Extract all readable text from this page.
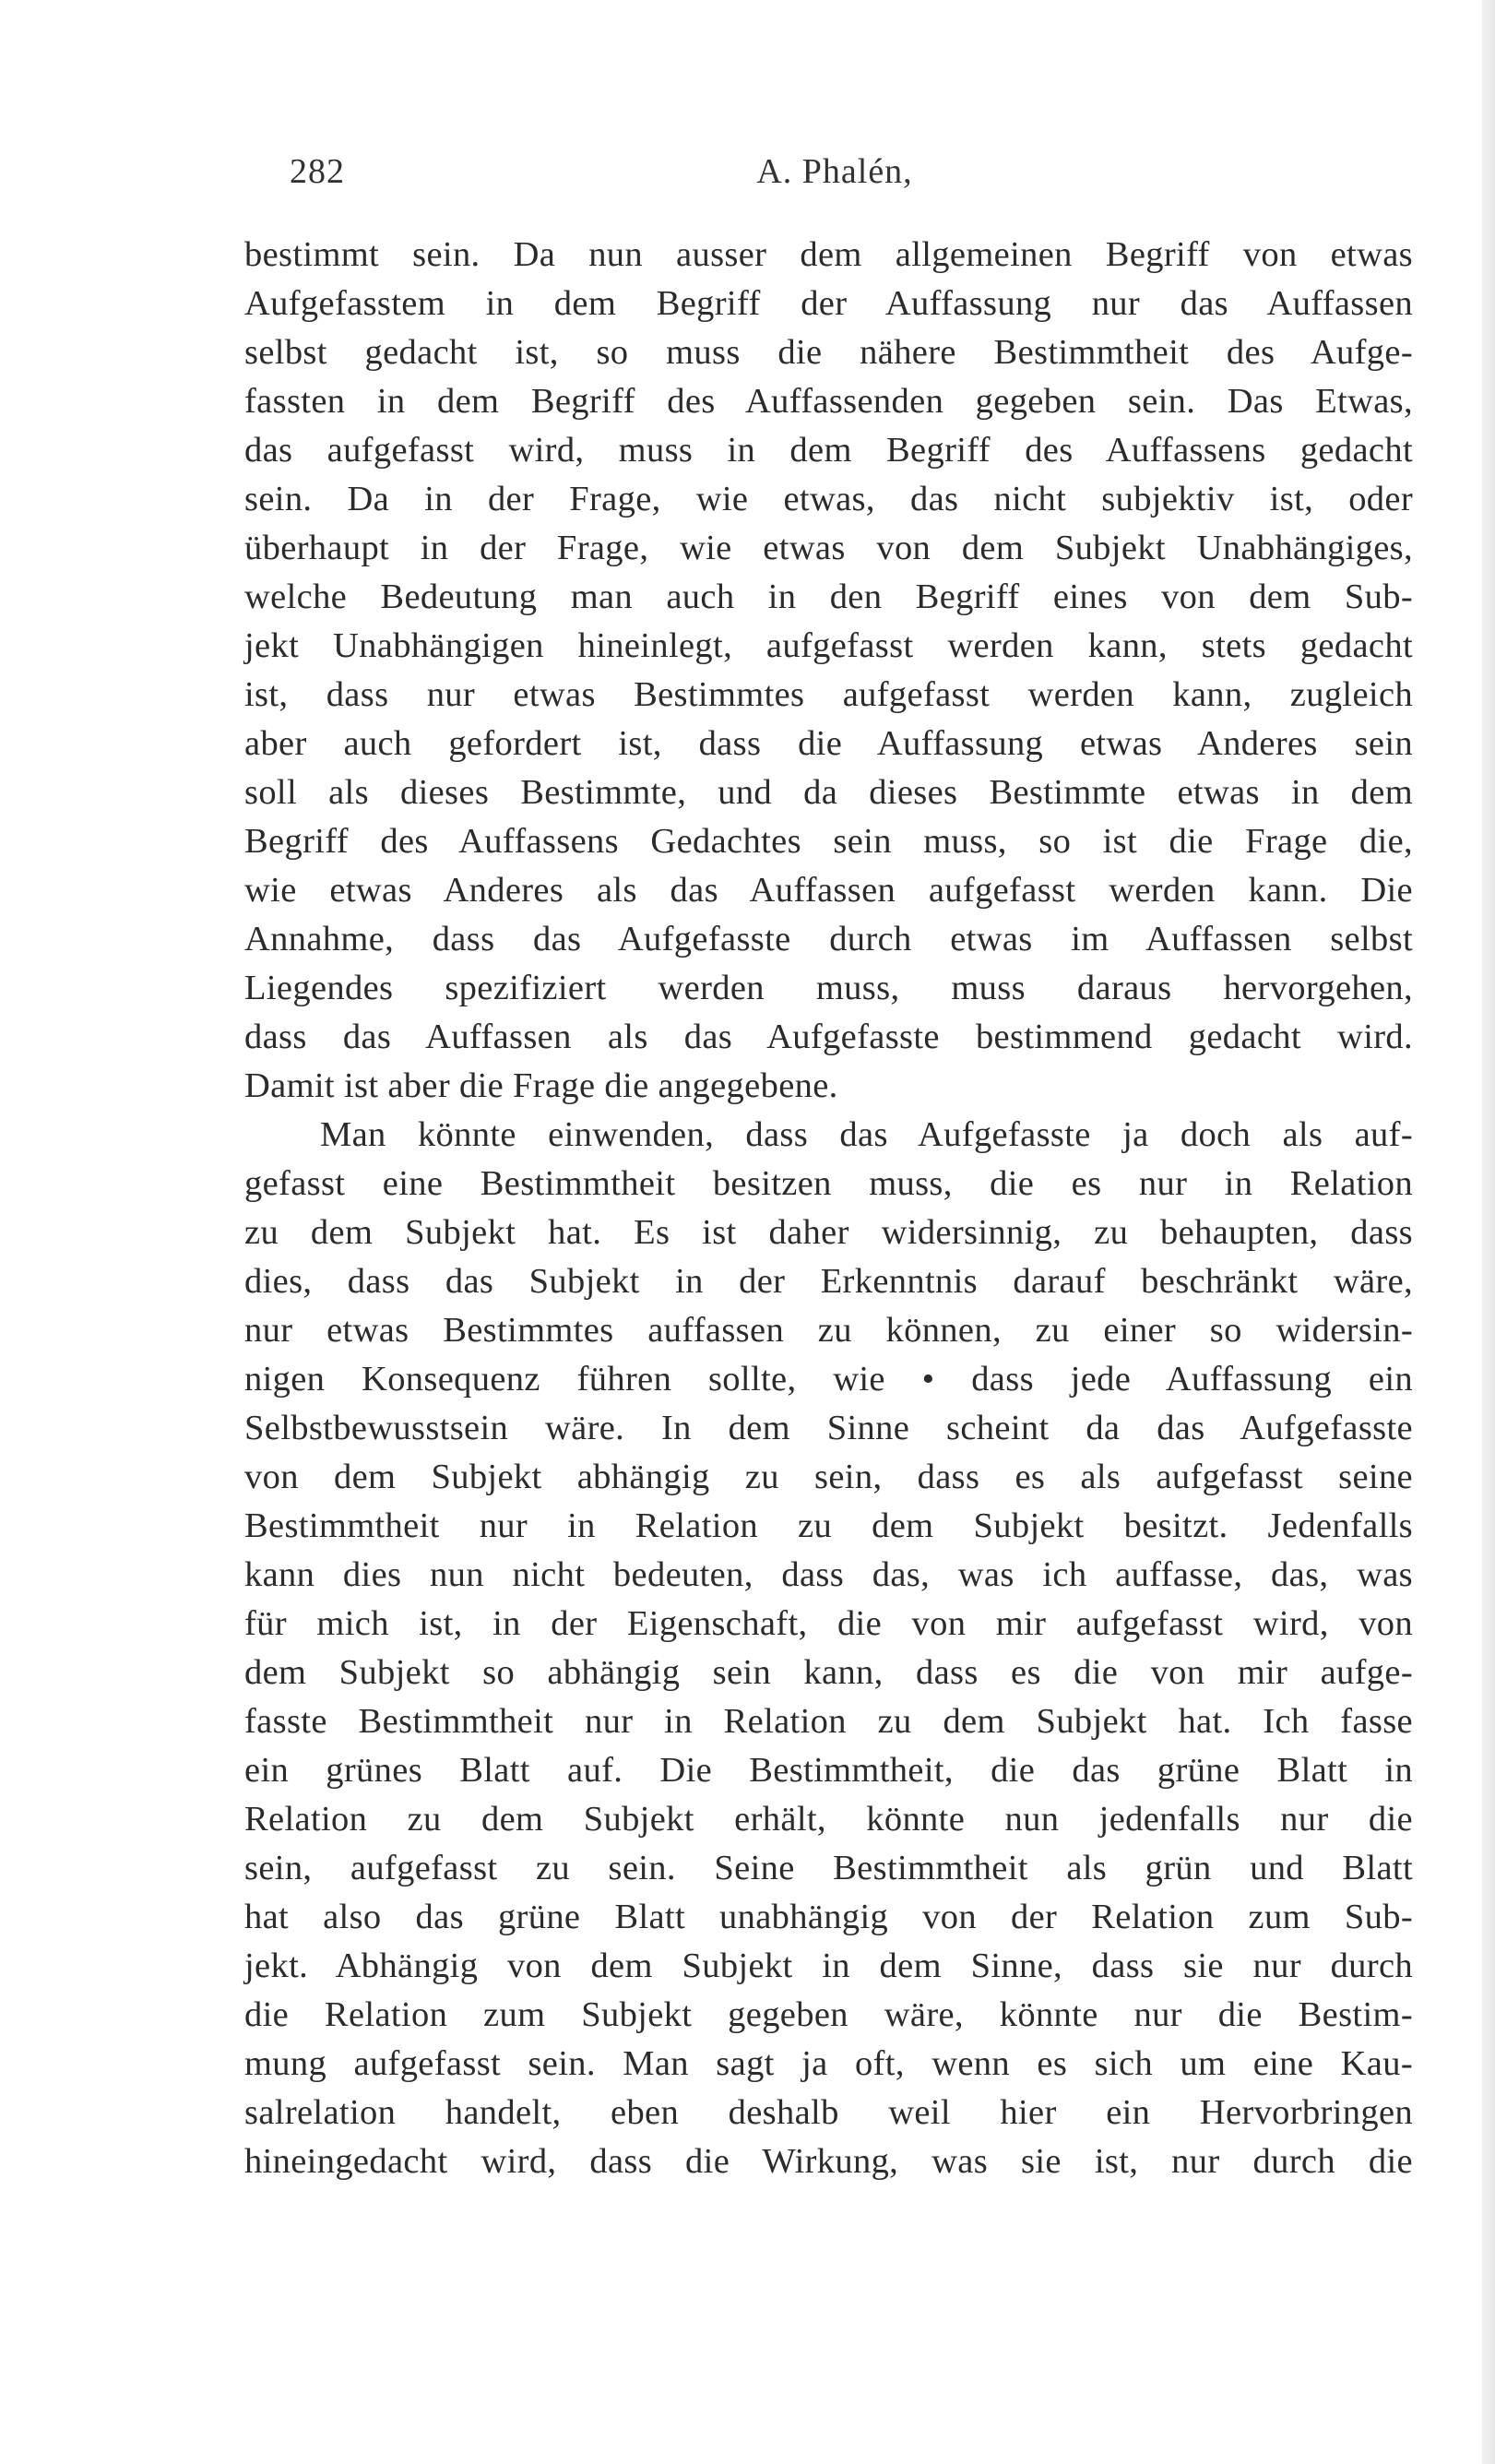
282	A. Phalén,
bestimmt sein. Da nun ausser dem allgemeinen Begriff von etwas
Aufgefasstem in dem Begriff der Auffassung nur das Auffassen
selbst gedacht ist, so muss die nähere Bestimmtheit des Aufge-
fassten in dem Begriff des Auffassenden gegeben sein. Das Etwas,
das aufgefasst wird, muss in dem Begriff des Auffassens gedacht
sein. Da in der Frage, wie etwas, das nicht subjektiv ist, oder
überhaupt in der Frage, wie etwas von dem Subjekt Unabhängiges,
welche Bedeutung man auch in den Begriff eines von dem Sub-
jekt Unabhängigen hineinlegt, aufgefasst werden kann, stets gedacht
ist, dass nur etwas Bestimmtes aufgefasst werden kann, zugleich
aber auch gefordert ist, dass die Auffassung etwas Anderes sein
soll als dieses Bestimmte, und da dieses Bestimmte etwas in dem
Begriff des Auffassens Gedachtes sein muss, so ist die Frage die,
wie etwas Anderes als das Auffassen aufgefasst werden kann. Die
Annahme, dass das Aufgefasste durch etwas im Auffassen selbst
Liegendes spezifiziert werden muss, muss daraus hervorgehen,
dass das Auffassen als das Aufgefasste bestimmend gedacht wird.
Damit ist aber die Frage die angegebene.
Man könnte einwenden, dass das Aufgefasste ja doch als auf-
gefasst eine Bestimmtheit besitzen muss, die es nur in Relation
zu dem Subjekt hat. Es ist daher widersinnig, zu behaupten, dass
dies, dass das Subjekt in der Erkenntnis darauf beschränkt wäre,
nur etwas Bestimmtes auffassen zu können, zu einer so widersin-
nigen Konsequenz führen sollte, wie • dass jede Auffassung ein
Selbstbewusstsein wäre. In dem Sinne scheint da das Aufgefasste
von dem Subjekt abhängig zu sein, dass es als aufgefasst seine
Bestimmtheit nur in Relation zu dem Subjekt besitzt. Jedenfalls
kann dies nun nicht bedeuten, dass das, was ich auffasse, das, was
für mich ist, in der Eigenschaft, die von mir aufgefasst wird, von
dem Subjekt so abhängig sein kann, dass es die von mir aufge-
fasste Bestimmtheit nur in Relation zu dem Subjekt hat. Ich fasse
ein grünes Blatt auf. Die Bestimmtheit, die das grüne Blatt in
Relation zu dem Subjekt erhält, könnte nun jedenfalls nur die
sein, aufgefasst zu sein. Seine Bestimmtheit als grün und Blatt
hat also das grüne Blatt unabhängig von der Relation zum Sub-
jekt. Abhängig von dem Subjekt in dem Sinne, dass sie nur durch
die Relation zum Subjekt gegeben wäre, könnte nur die Bestim-
mung aufgefasst sein. Man sagt ja oft, wenn es sich um eine Kau-
salrelation handelt, eben deshalb weil hier ein Hervorbringen
hineingedacht wird, dass die Wirkung, was sie ist, nur durch die
